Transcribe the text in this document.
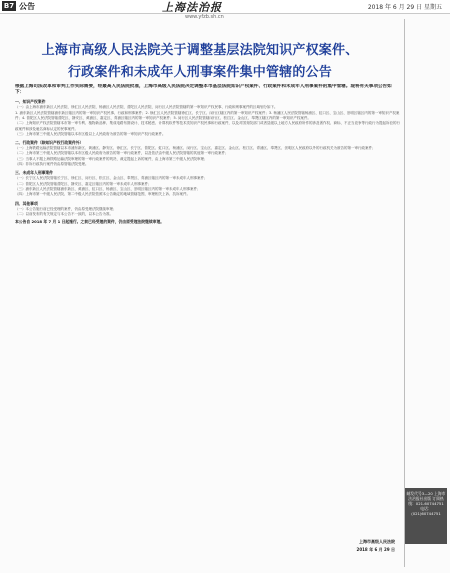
B7 公告	上海法治报	2018 年 6 月 29 日 星期五
www.yfzb.sh.cn
上海市高级人民法院关于调整基层法院知识产权案件、
行政案件和未成年人刑事案件集中管辖的公告

根据上海司法改革和审判工作实际需要，经最高人民法院批准，上海市高级人民法院决定调整本市基层法院知识产权案件、行政案件和未成年人刑事案件的集中管辖。现将有关事项公告如下：

一、知识产权案件

（一）由上海市浦东新区人民法院、徐汇区人民法院、杨浦区人民法院、普陀区人民法院、闵行区人民法院管辖的第一审知识产权民事、行政和刑事案件的区域划分如下。

1. 浦东新区人民法院管辖浦东新区辖区内的第一审知识产权民事、行政和刑事案件；2. 徐汇区人民法院管辖徐汇区、长宁区、闵行区辖区内的第一审知识产权案件；3. 杨浦区人民法院管辖杨浦区、虹口区、宝山区、崇明区辖区内的第一审知识产权案件；4. 普陀区人民法院管辖普陀区、静安区、黄浦区、嘉定区、青浦区辖区内的第一审知识产权案件；5. 闵行区人民法院管辖闵行区、松江区、金山区、奉贤区辖区内的第一审知识产权案件。

（二）上海知识产权法院管辖本市第一审专利、植物新品种、集成电路布图设计、技术秘密、计算机软件等技术类知识产权民事和行政案件，以及对国务院部门或者县级以上地方人民政府所作的涉及著作权、商标、不正当竞争等行政行为提起诉讼的行政案件和涉及驰名商标认定的民事案件。

（三）上海市第三中级人民法院管辖以本市区级以上人民政府为被告的第一审知识产权行政案件。

二、行政案件（除知识产权行政案件外）

（一）上海铁路运输法院管辖以本市浦东新区、黄浦区、静安区、徐汇区、长宁区、普陀区、虹口区、杨浦区、闵行区、宝山区、嘉定区、金山区、松江区、青浦区、奉贤区、崇明区人民政府以外的行政机关为被告的第一审行政案件；

（二）上海市第三中级人民法院管辖以本市区级人民政府为被告的第一审行政案件，以及依法由中级人民法院管辖的其他第一审行政案件；

（三）当事人不服上海铁路运输法院审理的第一审行政案件的判决、裁定提起上诉的案件，由上海市第三中级人民法院审理；

（四）非诉行政执行案件仍由原管辖法院受理。

三、未成年人刑事案件

（一）长宁区人民法院管辖长宁区、徐汇区、闵行区、松江区、金山区、奉贤区、青浦区辖区内的第一审未成年人刑事案件；

（二）普陀区人民法院管辖普陀区、静安区、嘉定区辖区内的第一审未成年人刑事案件；

（三）浦东新区人民法院管辖浦东新区、黄浦区、虹口区、杨浦区、宝山区、崇明区辖区内的第一审未成年人刑事案件；

（四）上海市第一中级人民法院、第二中级人民法院依照本公告确定的地域管辖范围，审理相关上诉、抗诉案件。

四、其他事项

（一）本公告施行前已经受理的案件，仍由原受理法院继续审理；

（二）以前发布的有关规定与本公告不一致的，以本公告为准。

本公告自 2018 年 7 月 1 日起施行。之前已经受理的案件，仍由原受理法院继续审理。

上海市高级人民法院
2018 年 6 月 29 日
邮发代号3—20 上海市法治报社出版 订阅热线：021-60744751 电话：(021)60744751
